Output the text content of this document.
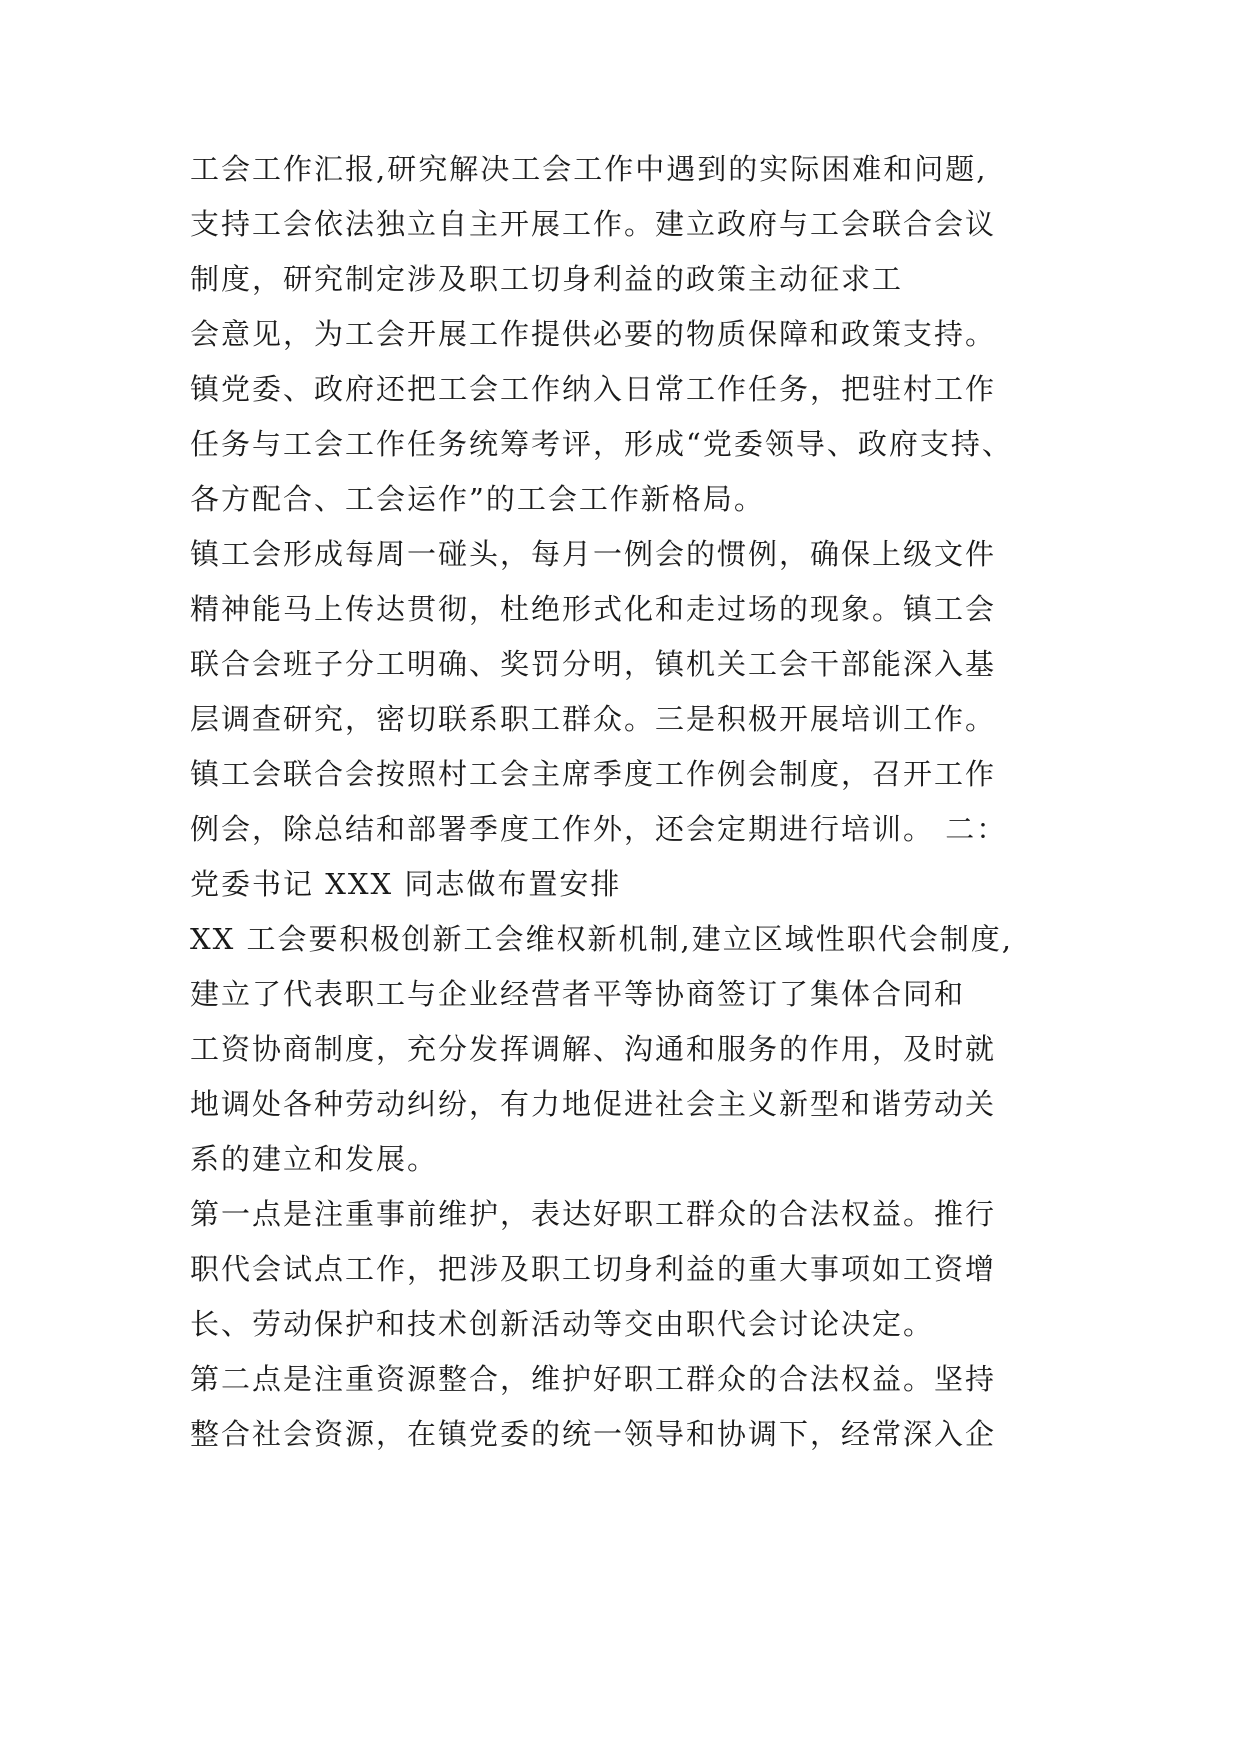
工会工作汇报,研究解决工会工作中遇到的实际困难和问题,
支持工会依法独立自主开展工作。建立政府与工会联合会议
制度，研究制定涉及职工切身利益的政策主动征求工
会意见，为工会开展工作提供必要的物质保障和政策支持。
镇党委、政府还把工会工作纳入日常工作任务，把驻村工作
任务与工会工作任务统筹考评，形成“党委领导、政府支持、
各方配合、工会运作”的工会工作新格局。
镇工会形成每周一碰头，每月一例会的惯例，确保上级文件
精神能马上传达贯彻，杜绝形式化和走过场的现象。镇工会
联合会班子分工明确、奖罚分明，镇机关工会干部能深入基
层调查研究，密切联系职工群众。三是积极开展培训工作。
镇工会联合会按照村工会主席季度工作例会制度，召开工作
例会，除总结和部署季度工作外，还会定期进行培训。 二：
党委书记 XXX 同志做布置安排
XX 工会要积极创新工会维权新机制,建立区域性职代会制度,
建立了代表职工与企业经营者平等协商签订了集体合同和
工资协商制度，充分发挥调解、沟通和服务的作用，及时就
地调处各种劳动纠纷，有力地促进社会主义新型和谐劳动关
系的建立和发展。
第一点是注重事前维护，表达好职工群众的合法权益。推行
职代会试点工作，把涉及职工切身利益的重大事项如工资增
长、劳动保护和技术创新活动等交由职代会讨论决定。
第二点是注重资源整合，维护好职工群众的合法权益。坚持
整合社会资源，在镇党委的统一领导和协调下，经常深入企
